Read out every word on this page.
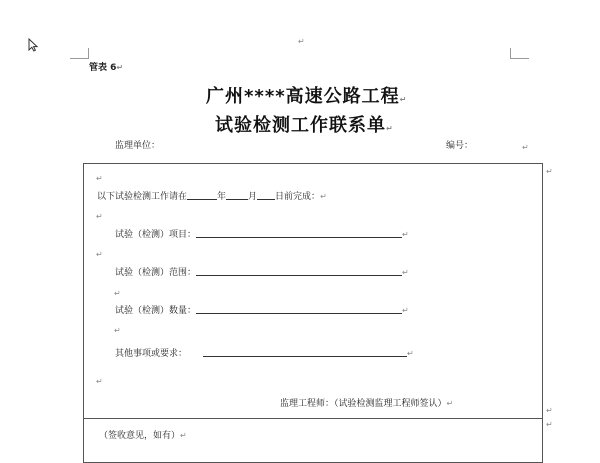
↵
管表 6↵
广州****高速公路工程↵
试验检测工作联系单↵
监理单位：	编号：	↵
↵
↵
↵
↵
↵
↵
↵
↵
↵
以下试验检测工作请在	年 月 日前完成：↵
试验（检测）项目：	↵
试验（检测）范围：	↵
试验（检测）数量：	↵
其他事项或要求：	↵
监理工程师：（试验检测监理工程师签认）↵
（签收意见，如有）↵
